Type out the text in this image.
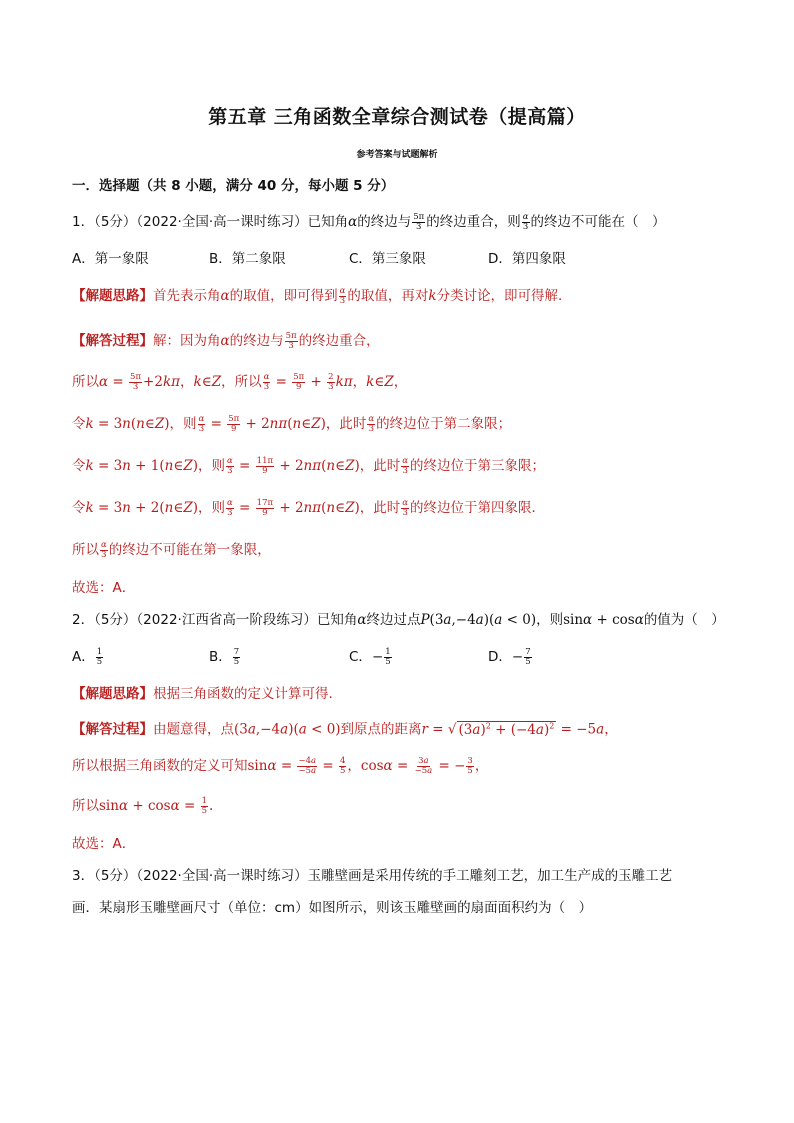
第五章 三角函数全章综合测试卷（提高篇）
参考答案与试题解析
一．选择题（共 8 小题，满分 40 分，每小题 5 分）
1．（5分）（2022·全国·高一课时练习）已知角α的终边与 $\frac{5\pi}{3}$ 的终边重合，则 $\frac{\alpha}{3}$ 的终边不可能在（　）
A．第一象限	B．第二象限	C．第三象限	D．第四象限
【解题思路】首先表示角α的取值，即可得到 $\frac{\alpha}{3}$ 的取值，再对k分类讨论，即可得解.
【解答过程】解：因为角α的终边与 $\frac{5\pi}{3}$ 的终边重合，
所以$\alpha = \frac{5\pi}{3} +2k\pi$，k∈Z，所以 $\frac{\alpha}{3} = \frac{5\pi}{9} + \frac{2}{3}$ kπ，k∈Z，
令k = 3n(n∈Z)，则 $\frac{\alpha}{3} = \frac{5\pi}{9}$ + 2nπ(n∈Z)，此时 $\frac{\alpha}{3}$ 的终边位于第二象限；
令k = 3n + 1(n∈Z)，则 $\frac{\alpha}{3} = \frac{11\pi}{9}$ + 2nπ(n∈Z)，此时 $\frac{\alpha}{3}$ 的终边位于第三象限；
令k = 3n + 2(n∈Z)，则 $\frac{\alpha}{3} = \frac{17\pi}{9}$ + 2nπ(n∈Z)，此时 $\frac{\alpha}{3}$ 的终边位于第四象限．
所以 $\frac{\alpha}{3}$ 的终边不可能在第一象限，
故选：A．
2．（5分）（2022·江西省高一阶段练习）已知角α终边过点P(3a,−4a)(a < 0)，则sinα + cosα的值为（　）
A． $\frac{1}{5}$	B． $\frac{7}{5}$	C．− $\frac{1}{5}$	D．− $\frac{7}{5}$
【解题思路】根据三角函数的定义计算可得.
【解答过程】由题意得，点(3a,−4a)(a < 0)到原点的距离r = √ $(3a)^2 + (-4a)^2 = -5a$，
所以根据三角函数的定义可知$\sin\alpha = \frac{-4a}{-5a} = \frac{4}{5}$ ，$\cos\alpha = \frac{3a}{-5a}$ = − $\frac{3}{5}$ ，
所以$\sin\alpha + \cos\alpha = \frac{1}{5}$ .
故选：A．
3．（5分）（2022·全国·高一课时练习）玉雕壁画是采用传统的手工雕刻工艺，加工生产成的玉雕工艺
画．某扇形玉雕壁画尺寸（单位：cm）如图所示，则该玉雕壁画的扇面面积约为（　）
